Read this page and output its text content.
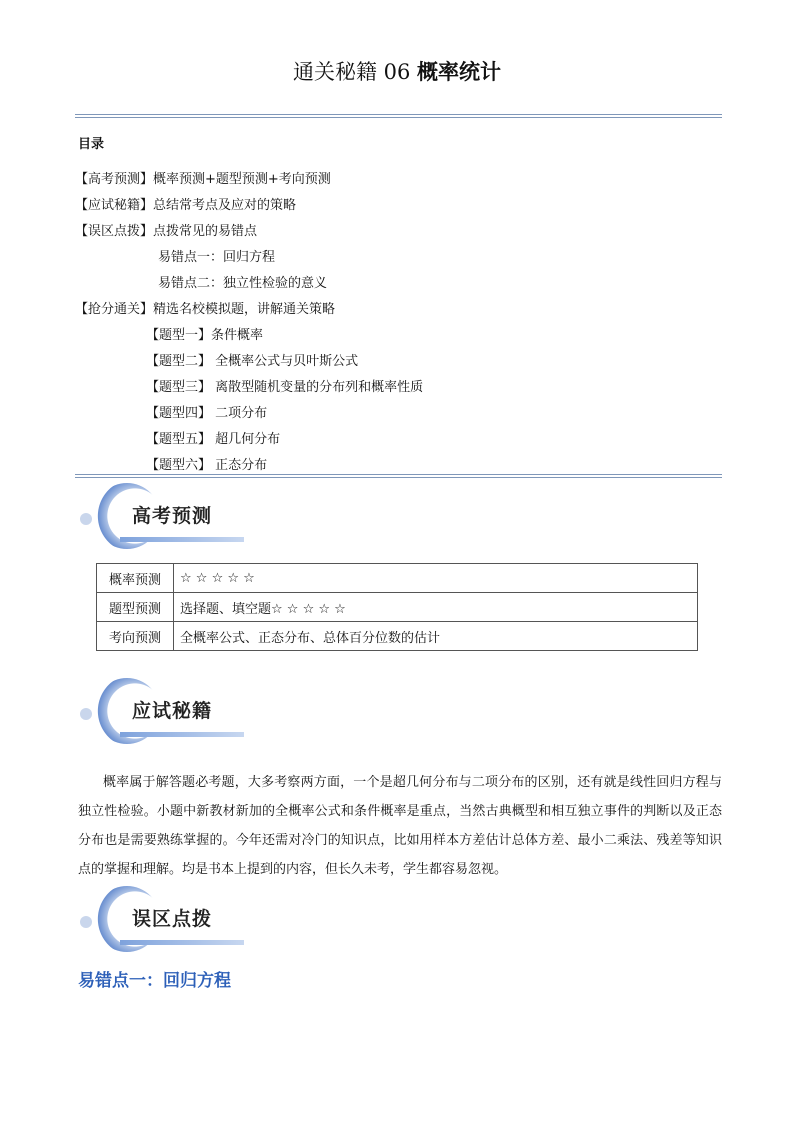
通关秘籍 06 概率统计
目录
【高考预测】概率预测+题型预测+考向预测
【应试秘籍】总结常考点及应对的策略
【误区点拨】点拨常见的易错点
易错点一：回归方程
易错点二：独立性检验的意义
【抢分通关】精选名校模拟题，讲解通关策略
【题型一】条件概率
【题型二】 全概率公式与贝叶斯公式
【题型三】 离散型随机变量的分布列和概率性质
【题型四】 二项分布
【题型五】 超几何分布
【题型六】 正态分布
高考预测
概率预测	☆ ☆ ☆ ☆ ☆
题型预测	选择题、填空题☆ ☆ ☆ ☆ ☆
考向预测	全概率公式、正态分布、总体百分位数的估计
应试秘籍
概率属于解答题必考题，大多考察两方面，一个是超几何分布与二项分布的区别，还有就是线性回归方程与独立性检验。小题中新教材新加的全概率公式和条件概率是重点，当然古典概型和相互独立事件的判断以及正态分布也是需要熟练掌握的。今年还需对冷门的知识点，比如用样本方差估计总体方差、最小二乘法、残差等知识点的掌握和理解。均是书本上提到的内容，但长久未考，学生都容易忽视。
误区点拨
易错点一：回归方程
